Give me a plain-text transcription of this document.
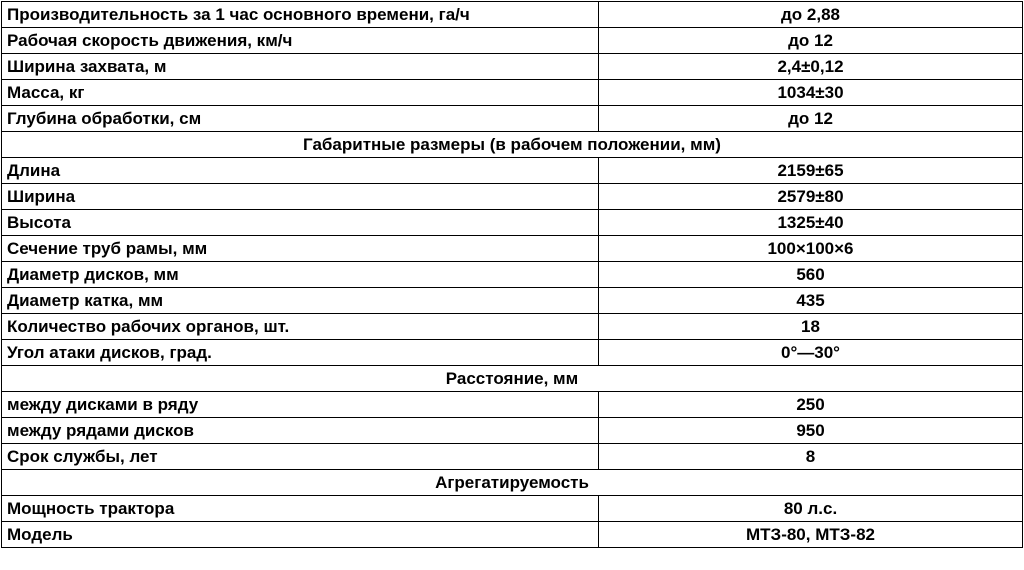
Производительность за 1 час основного времени, га/ч	до 2,88
Рабочая скорость движения, км/ч	до 12
Ширина захвата, м	2,4±0,12
Масса, кг	1034±30
Глубина обработки, см	до 12
Габаритные размеры (в рабочем положении, мм)	
Длина	2159±65
Ширина	2579±80
Высота	1325±40
Сечение труб рамы, мм	100×100×6
Диаметр дисков, мм	560
Диаметр катка, мм	435
Количество рабочих органов, шт.	18
Угол атаки дисков, град.	0°—30°
Расстояние, мм	
между дисками в ряду	250
между рядами дисков	950
Срок службы, лет	8
Агрегатируемость	
Мощность трактора	80 л.с.
Модель	МТЗ-80, МТЗ-82
